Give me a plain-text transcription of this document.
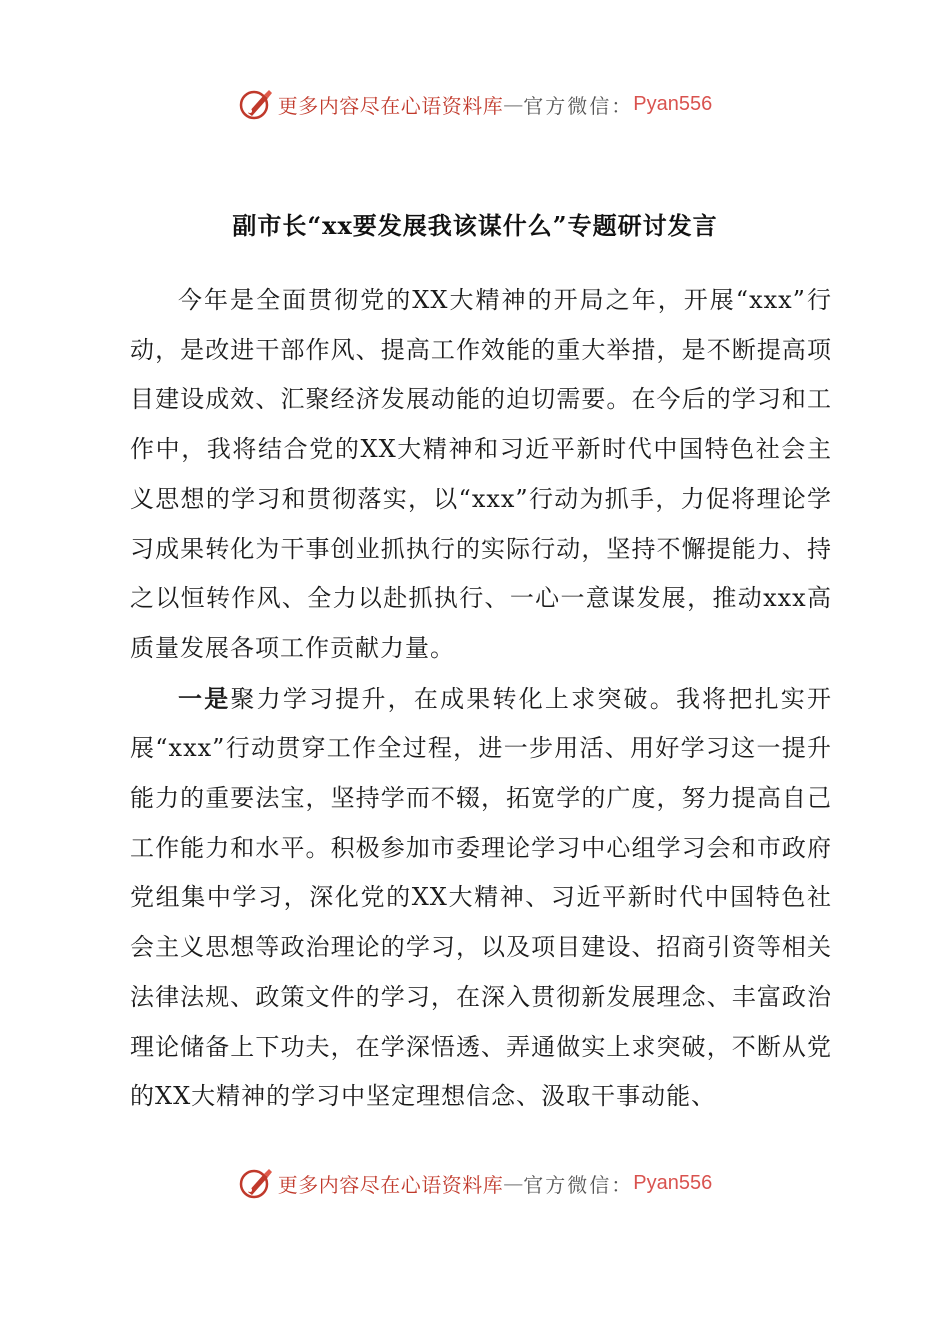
更多内容尽在心语资料库 — 官方微信： Pyan556
副市长“xx要发展我该谋什么”专题研讨发言

今年是全面贯彻党的XX大精神的开局之年，开展“xxx”行动，是改进干部作风、提高工作效能的重大举措，是不断提高项目建设成效、汇聚经济发展动能的迫切需要。在今后的学习和工作中，我将结合党的XX大精神和习近平新时代中国特色社会主义思想的学习和贯彻落实，以“xxx”行动为抓手，力促将理论学习成果转化为干事创业抓执行的实际行动，坚持不懈提能力、持之以恒转作风、全力以赴抓执行、一心一意谋发展，推动xxx高质量发展各项工作贡献力量。

一是聚力学习提升，在成果转化上求突破。我将把扎实开展“xxx”行动贯穿工作全过程，进一步用活、用好学习这一提升能力的重要法宝，坚持学而不辍，拓宽学的广度，努力提高自己工作能力和水平。积极参加市委理论学习中心组学习会和市政府党组集中学习，深化党的XX大精神、习近平新时代中国特色社会主义思想等政治理论的学习，以及项目建设、招商引资等相关法律法规、政策文件的学习，在深入贯彻新发展理念、丰富政治理论储备上下功夫，在学深悟透、弄通做实上求突破，不断从党的XX大精神的学习中坚定理想信念、汲取干事动能、

更多内容尽在心语资料库 — 官方微信： Pyan556
